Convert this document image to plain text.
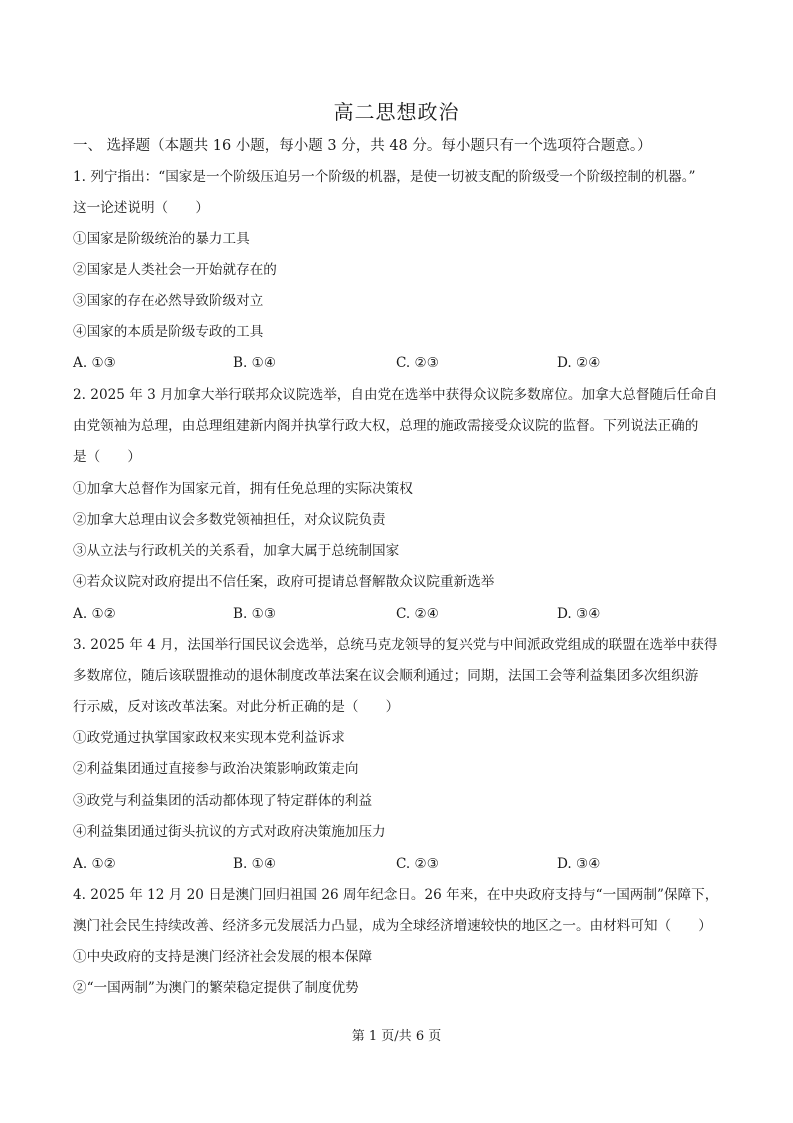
高二思想政治
一、 选择题（本题共 16 小题，每小题 3 分，共 48 分。每小题只有一个选项符合题意。）
1. 列宁指出：“国家是一个阶级压迫另一个阶级的机器，是使一切被支配的阶级受一个阶级控制的机器。”
这一论述说明（　　）
①国家是阶级统治的暴力工具
②国家是人类社会一开始就存在的
③国家的存在必然导致阶级对立
④国家的本质是阶级专政的工具
A. ①③	B. ①④	C. ②③	D. ②④
2. 2025 年 3 月加拿大举行联邦众议院选举，自由党在选举中获得众议院多数席位。加拿大总督随后任命自
由党领袖为总理，由总理组建新内阁并执掌行政大权，总理的施政需接受众议院的监督。下列说法正确的
是（　　）
①加拿大总督作为国家元首，拥有任免总理的实际决策权
②加拿大总理由议会多数党领袖担任，对众议院负责
③从立法与行政机关的关系看，加拿大属于总统制国家
④若众议院对政府提出不信任案，政府可提请总督解散众议院重新选举
A. ①②	B. ①③	C. ②④	D. ③④
3. 2025 年 4 月，法国举行国民议会选举，总统马克龙领导的复兴党与中间派政党组成的联盟在选举中获得
多数席位，随后该联盟推动的退休制度改革法案在议会顺利通过；同期，法国工会等利益集团多次组织游
行示威，反对该改革法案。对此分析正确的是（　　）
①政党通过执掌国家政权来实现本党利益诉求
②利益集团通过直接参与政治决策影响政策走向
③政党与利益集团的活动都体现了特定群体的利益
④利益集团通过街头抗议的方式对政府决策施加压力
A. ①②	B. ①④	C. ②③	D. ③④
4. 2025 年 12 月 20 日是澳门回归祖国 26 周年纪念日。26 年来，在中央政府支持与“一国两制”保障下，
澳门社会民生持续改善、经济多元发展活力凸显，成为全球经济增速较快的地区之一。由材料可知（　　）
①中央政府的支持是澳门经济社会发展的根本保障
②“一国两制”为澳门的繁荣稳定提供了制度优势
第 1 页/共 6 页
